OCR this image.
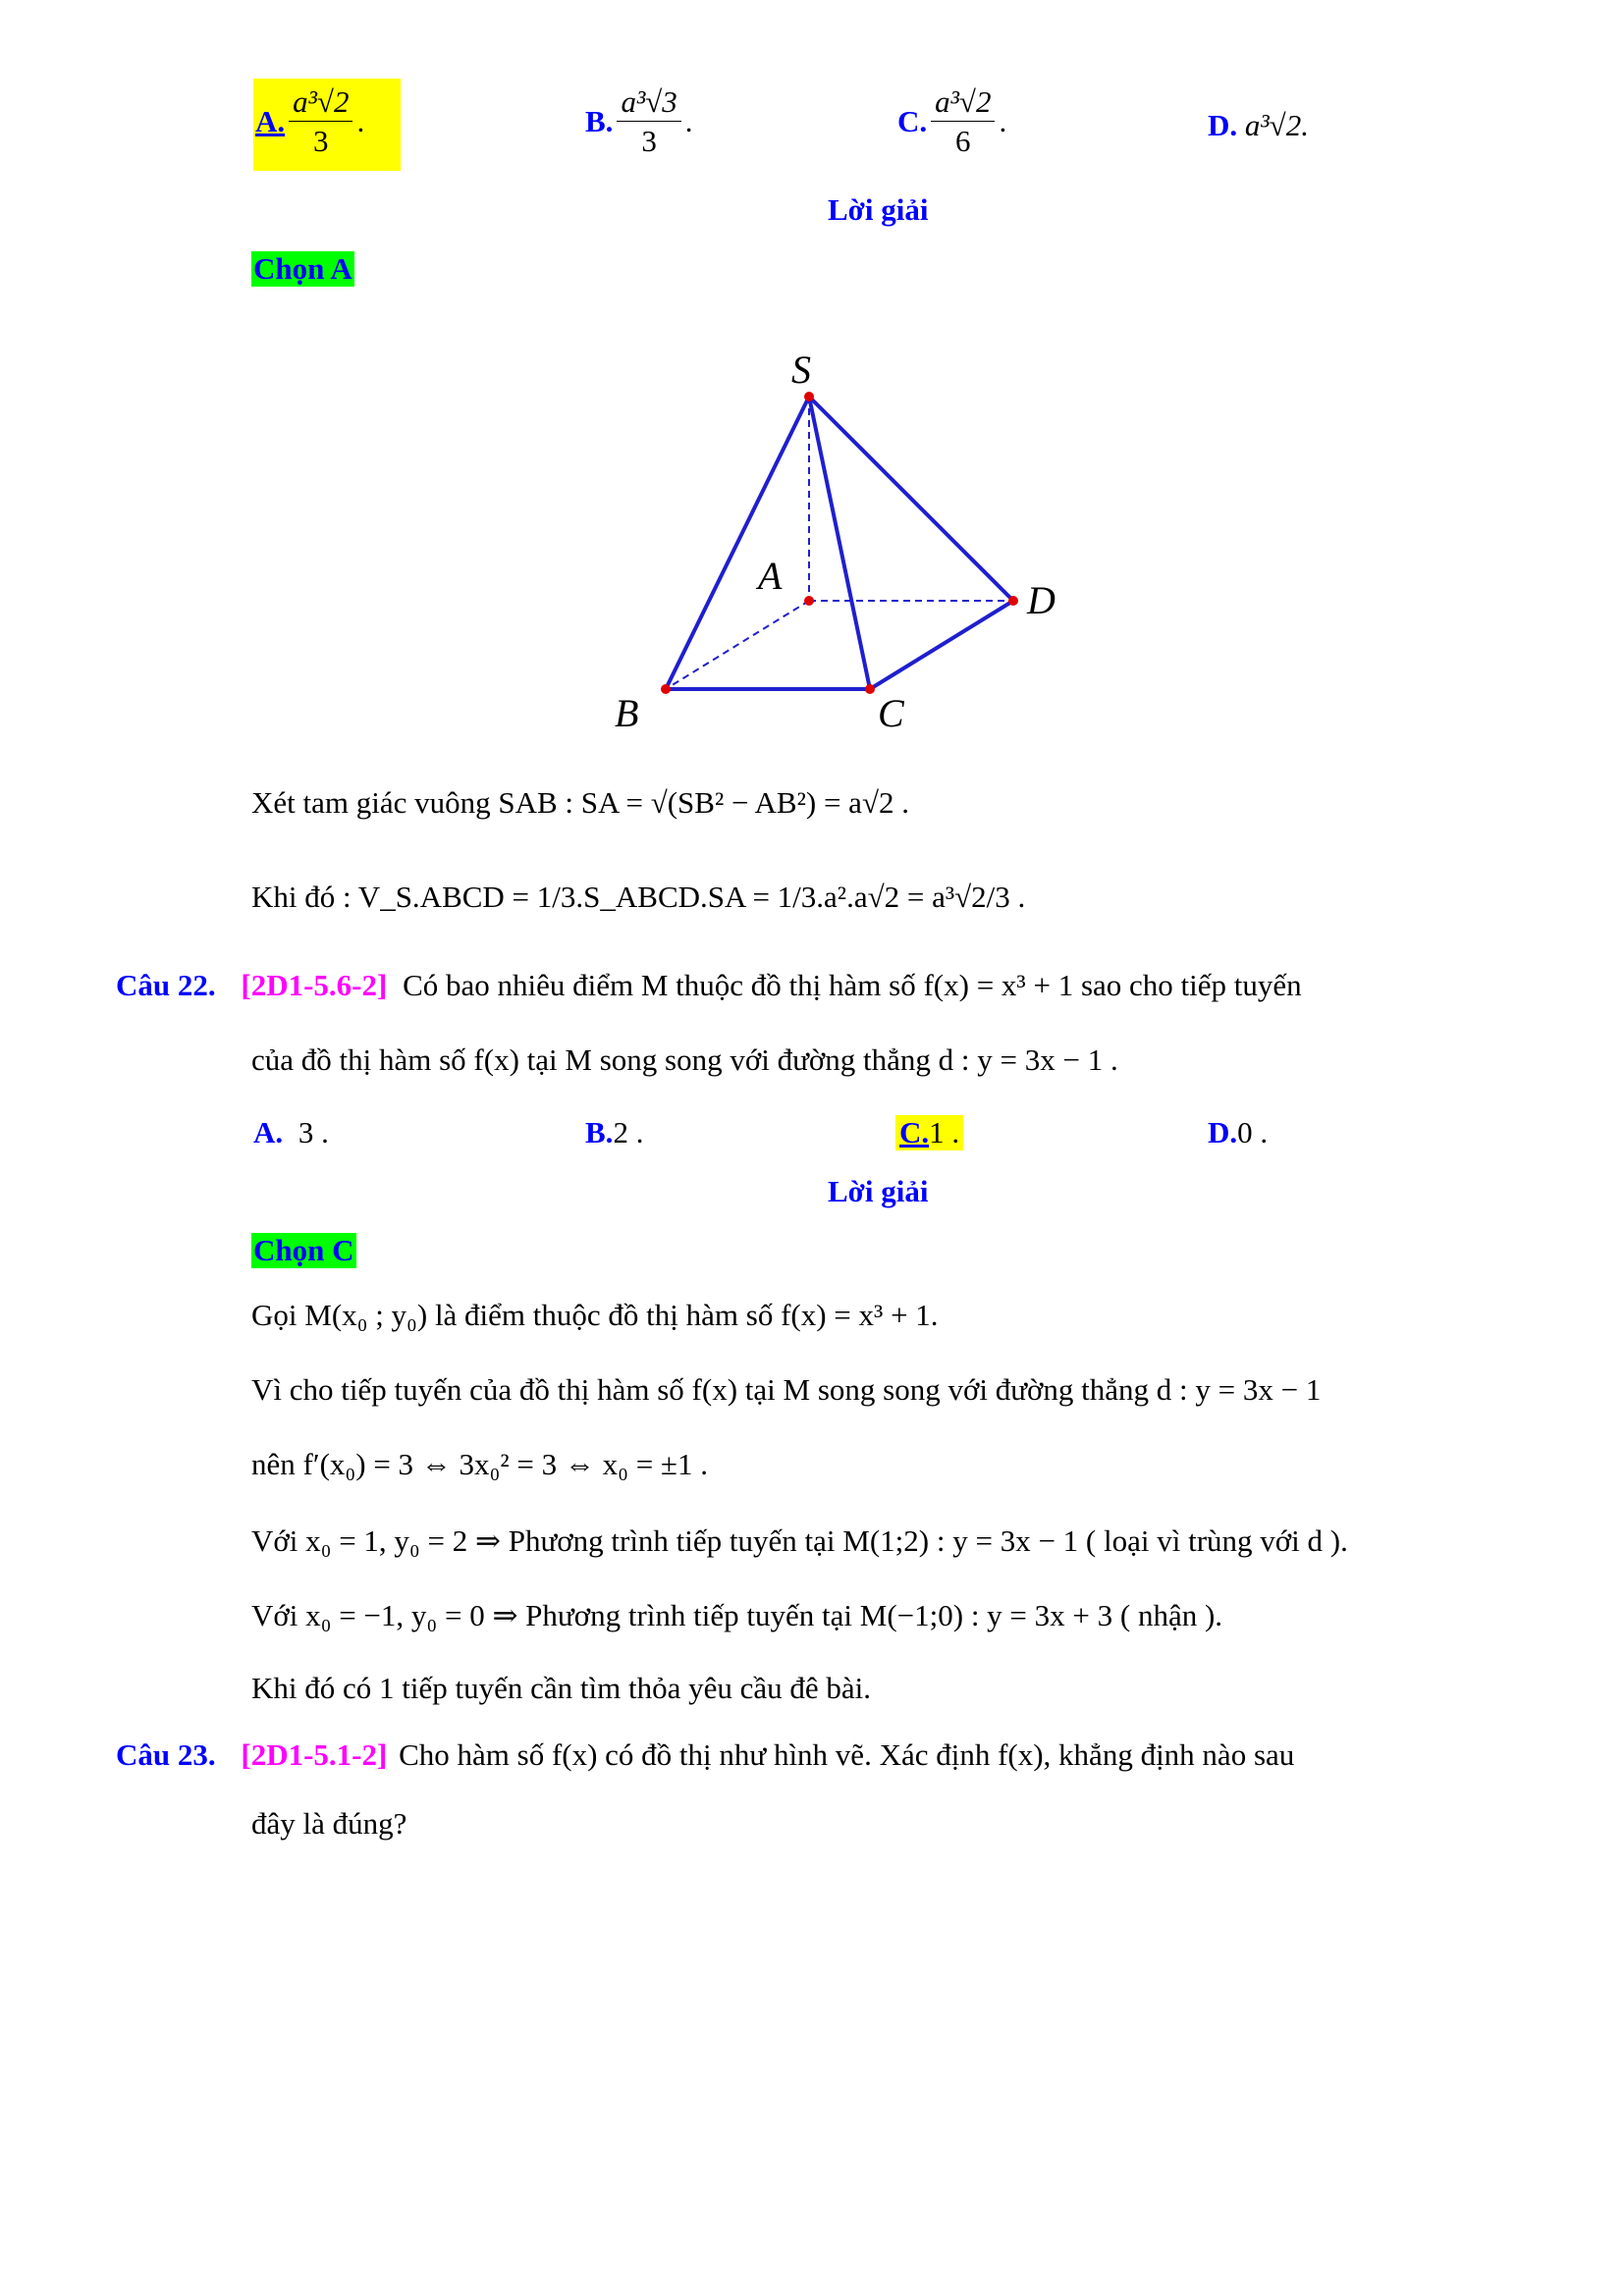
A. $\frac{\text{a³√2}}{3}$ .	B. $\frac{\text{a³√3}}{3}$ .	C. $\frac{\text{a³√2}}{6}$ .	D. a³√2.
Lời giải
Chọn A
S
A
B	C
D
Xét tam giác vuông SAB : SA = √(SB² − AB²) = a√2 .
Khi đó : V_S.ABCD = 1/3.S_ABCD.SA = 1/3.a².a√2 = a³√2/3 .
Câu 22. [2D1-5.6-2] Có bao nhiêu điểm M thuộc đồ thị hàm số f(x) = x³ + 1 sao cho tiếp tuyến
của đồ thị hàm số f(x) tại M song song với đường thẳng d : y = 3x − 1 .
A. 3 .	B.2 .	C.1 .	D.0 .
Lời giải
Chọn C
Gọi M(x₀ ; y₀) là điểm thuộc đồ thị hàm số f(x) = x³ + 1.
Vì cho tiếp tuyến của đồ thị hàm số f(x) tại M song song với đường thẳng d : y = 3x − 1
nên f′(x₀) = 3 ⇔ 3x₀² = 3 ⇔ x₀ = ±1 .
Với x₀ = 1, y₀ = 2 ⇒ Phương trình tiếp tuyến tại M(1;2) : y = 3x − 1 ( loại vì trùng với d ).
Với x₀ = −1, y₀ = 0 ⇒ Phương trình tiếp tuyến tại M(−1;0) : y = 3x + 3 ( nhận ).
Khi đó có 1 tiếp tuyến cần tìm thỏa yêu cầu đê bài.
Câu 23. [2D1-5.1-2] Cho hàm số f(x) có đồ thị như hình vẽ. Xác định f(x), khẳng định nào sau
đây là đúng?
